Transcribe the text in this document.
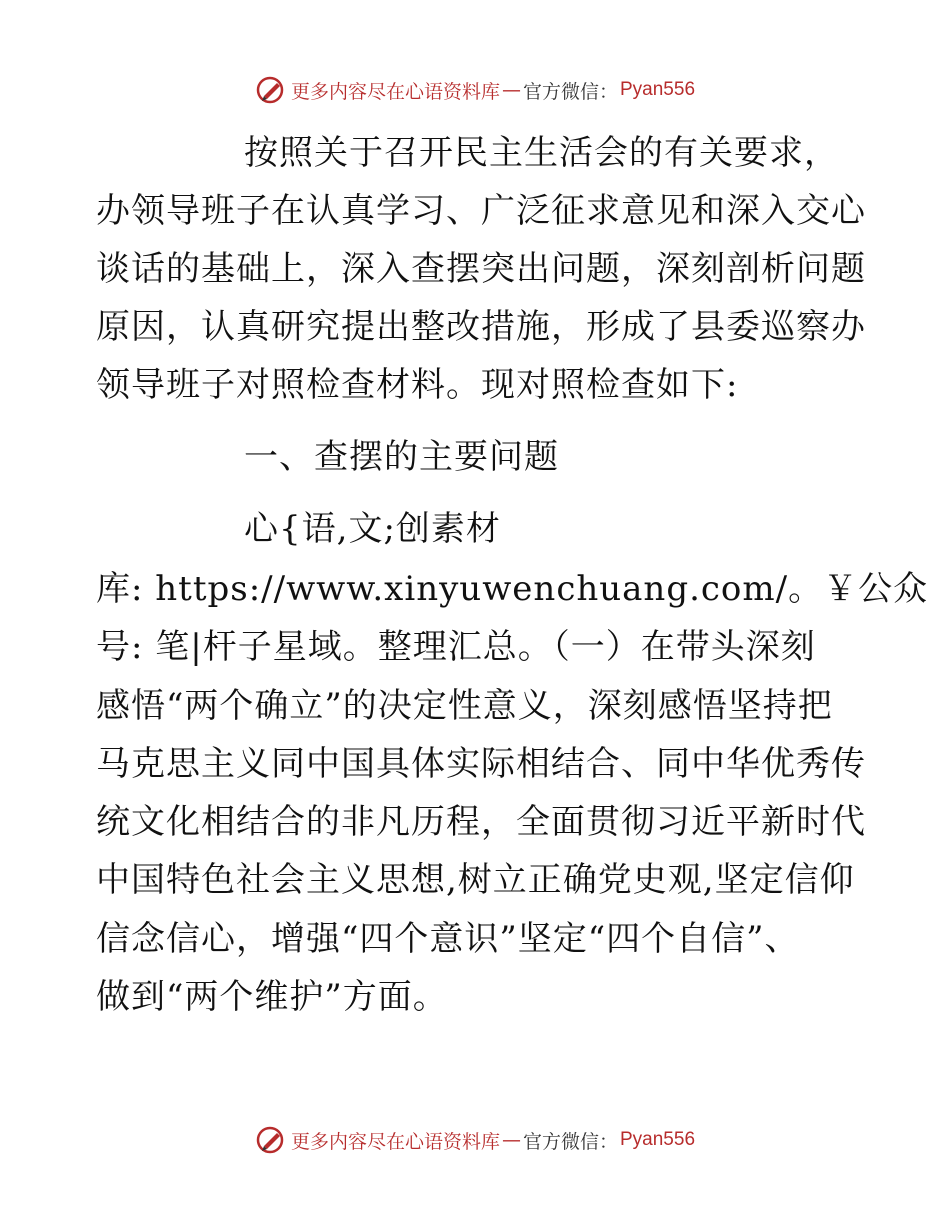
更多内容尽在心语资料库 — 官方微信： Pyan556

按照关于召开民主生活会的有关要求，

办领导班子在认真学习、广泛征求意见和深入交心

谈话的基础上，深入查摆突出问题，深刻剖析问题

原因，认真研究提出整改措施，形成了县委巡察办

领导班子对照检查材料。现对照检查如下:

一、查摆的主要问题

心{语,文;创素材

库: https://www.xinyuwenchuang.com/。￥公众

号: 笔|杆子星域。整理汇总。（一）在带头深刻

感悟“两个确立”的决定性意义，深刻感悟坚持把

马克思主义同中国具体实际相结合、同中华优秀传

统文化相结合的非凡历程，全面贯彻习近平新时代

中国特色社会主义思想,树立正确党史观,坚定信仰

信念信心，增强“四个意识”坚定“四个自信”、

做到“两个维护”方面。

更多内容尽在心语资料库 — 官方微信： Pyan556
